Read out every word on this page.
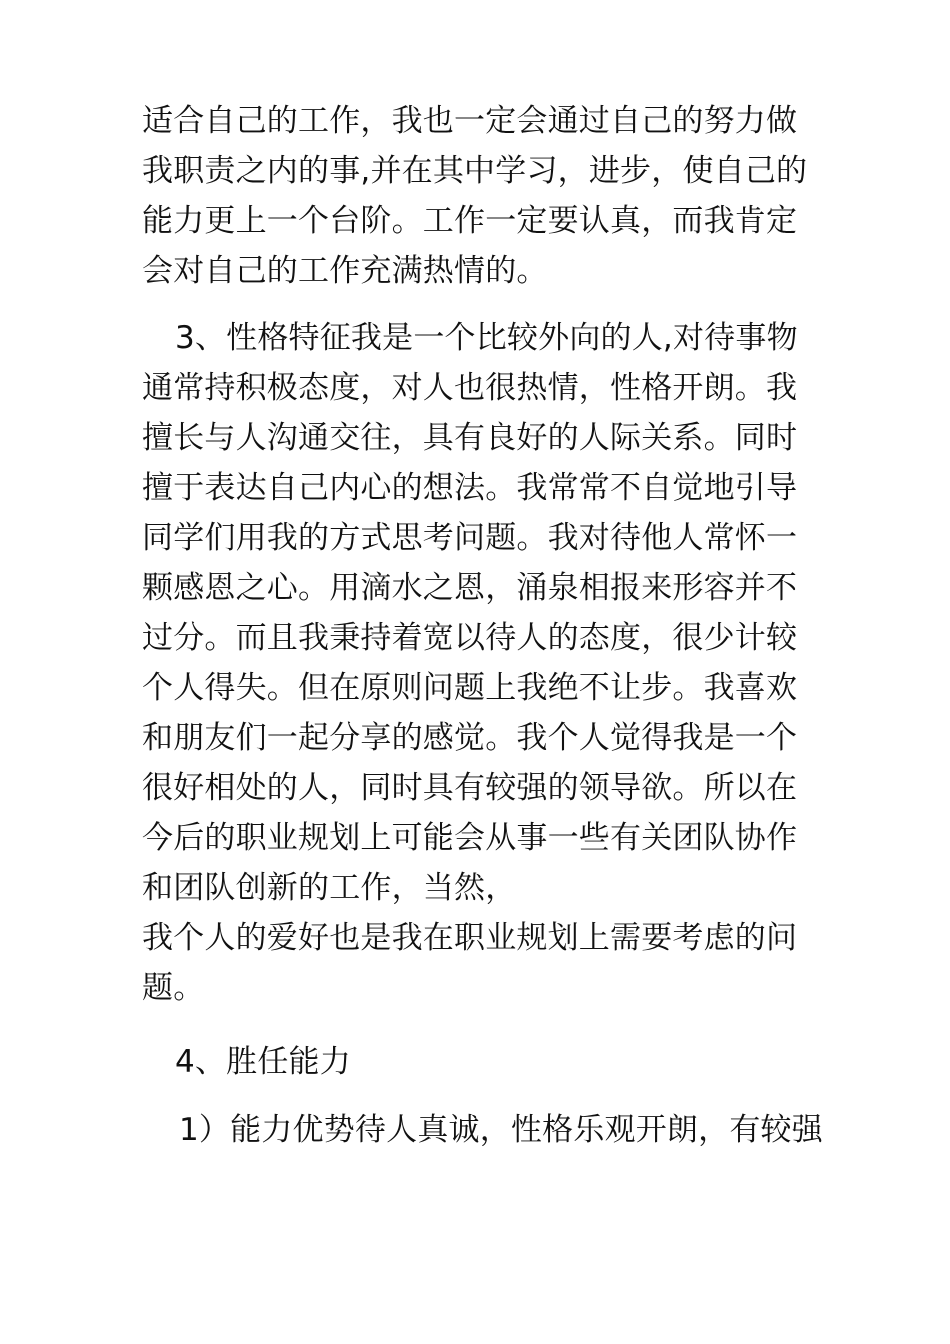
适合自己的工作，我也一定会通过自己的努力做
我职责之内的事,并在其中学习，进步，使自己的
能力更上一个台阶。工作一定要认真，而我肯定
会对自己的工作充满热情的。
3、性格特征我是一个比较外向的人,对待事物
通常持积极态度，对人也很热情，性格开朗。我
擅长与人沟通交往，具有良好的人际关系。同时
擅于表达自己内心的想法。我常常不自觉地引导
同学们用我的方式思考问题。我对待他人常怀一
颗感恩之心。用滴水之恩，涌泉相报来形容并不
过分。而且我秉持着宽以待人的态度，很少计较
个人得失。但在原则问题上我绝不让步。我喜欢
和朋友们一起分享的感觉。我个人觉得我是一个
很好相处的人，同时具有较强的领导欲。所以在
今后的职业规划上可能会从事一些有关团队协作
和团队创新的工作，当然，
我个人的爱好也是我在职业规划上需要考虑的问
题。
4、胜任能力
1）能力优势待人真诚，性格乐观开朗，有较强
